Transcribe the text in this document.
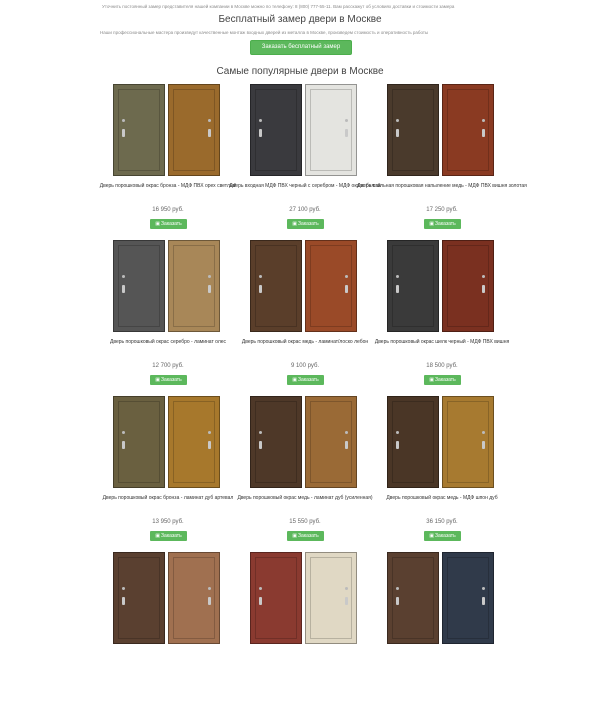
Уточнить постоянный замер представителя нашей компании в Москве можно по телефону: 8 (800) 777-55-11. Вам расскажут об условиях доставки и стоимости замера
Бесплатный замер двери в Москве
Наши профессиональные мастера произведут качественные монтаж входных дверей из металла в Москве, произведем стоимость и оперативность работы
Заказать бесплатный замер
Самые популярные двери в Москве
Дверь порошковый окрас бронза - МДФ ПВХ орех светлый
16 950 руб.
▣Заказать
Дверь входная МДФ ПВХ черный с серебром - МДФ окрас белый
27 100 руб.
▣Заказать
Дверь стальная порошковая напыление медь - МДФ ПВХ вишня золотая
17 250 руб.
▣Заказать
Дверь порошковый окрас серебро - ламинат олес
12 700 руб.
▣Заказать
Дверь порошковый окрас медь - ламинат/лоско лебон
9 100 руб.
▣Заказать
Дверь порошковый окрас шелк черный - МДФ ПВХ вишня
18 500 руб.
▣Заказать
Дверь порошковый окрас бронза - ламинат дуб артевал
13 950 руб.
▣Заказать
Дверь порошковый окрас медь - ламинат дуб (усиленная)
15 550 руб.
▣Заказать
Дверь порошковый окрас медь - МДФ шпон дуб
36 150 руб.
▣Заказать
